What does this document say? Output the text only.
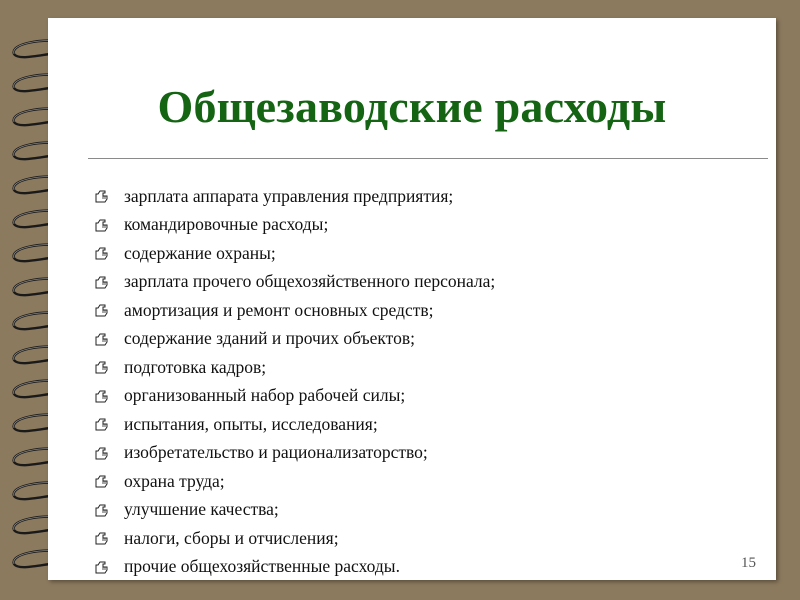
Общезаводские расходы
зарплата аппарата управления предприятия;
командировочные расходы;
содержание охраны;
зарплата прочего общехозяйственного персонала;
амортизация и ремонт основных средств;
содержание зданий и прочих объектов;
подготовка кадров;
организованный набор рабочей силы;
испытания, опыты, исследования;
изобретательство и рационализаторство;
охрана труда;
улучшение качества;
налоги, сборы и отчисления;
прочие общехозяйственные расходы.	15
